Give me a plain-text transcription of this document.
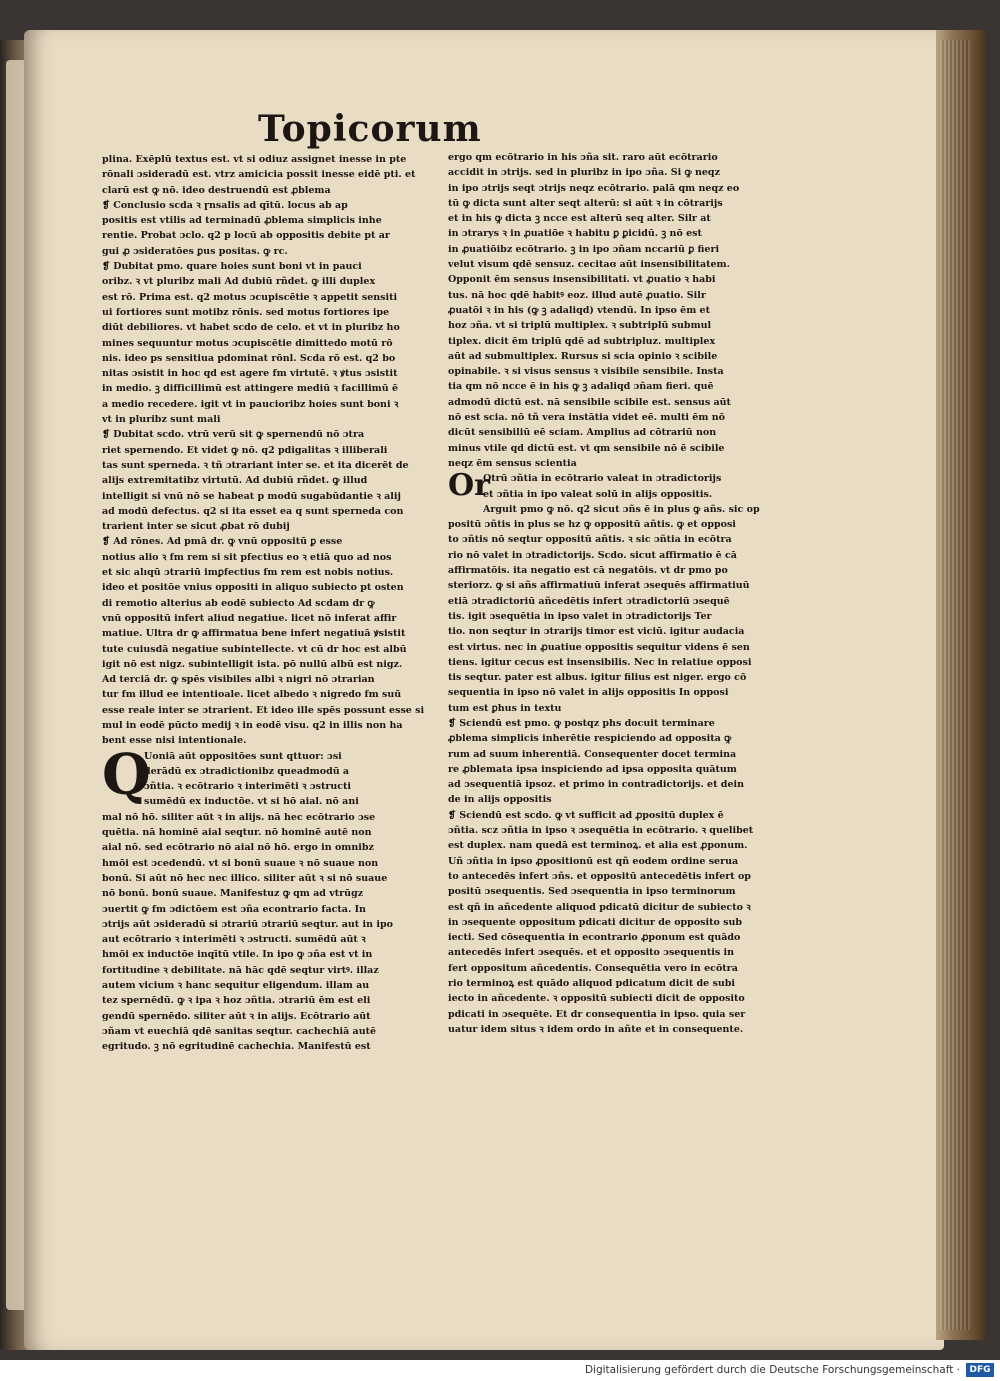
Topicorum
plina. Exēplū textus est. vt si odiuz assignet inesse in pte
rōnali ɔsideradū est. vtrz amicicia possit inesse eidē pti. et
clarū est ꝙ nō. ideo destruendū est ꝓblema
❡ Conclusio scda ꝛ ɼnsalis ad qītū. locus ab ap
positis est vtilis ad terminadū ꝓblema simplicis inhe
rentie. Probat ɔclo. q2 p locū ab oppositis debite pt ar
gui ꝓ ɔsideratōes ꝑus positas. ꝙ rc.
❡ Dubitat pmo. quare hoies sunt boni vt in pauci
oribz. ꝛ vt pluribz mali Ad dubiū rñdet. ꝙ illi duplex
est rō. Prima est. q2 motus ɔcupiscētie ꝛ appetit sensiti
ui fortiores sunt motibz rōnis. sed motus fortiores ipe
diūt debiliores. vt habet scdo de celo. et vt in pluribz ho
mines sequuntur motus ɔcupiscētie dimittedo motū rō
nis. ideo ps sensitiua pdominat rōnl. Scda rō est. q2 bo
nitas ɔsistit in hoc qd est agere fm virtutē. ꝛ ꝟtus ɔsistit
in medio. ꝫ difficillimū est attingere mediū ꝛ facillimū ē
a medio recedere. igit vt in paucioribz hoies sunt boni ꝛ
vt in pluribz sunt mali
❡ Dubitat scdo. vtrū verū sit ꝙ spernendū nō ɔtra
riet spernendo. Et videt ꝙ nō. q2 pdigalitas ꝛ illiberali
tas sunt sperneda. ꝛ tñ ɔtrariant inter se. et ita dicerēt de
alijs extremitatibz virtutū. Ad dubiū rñdet. ꝙ illud
intelligit si vnū nō se habeat p modū sugabūdantie ꝛ alij
ad modū defectus. q2 si ita esset ea q sunt sperneda con
trarient inter se sicut ꝓbat rō dubij
❡ Ad rōnes. Ad pmā dr. ꝙ vnū oppositū ꝑ esse
notius alio ꝛ fm rem si sit pfectius eo ꝛ etiā quo ad nos
et sic alıqū ɔtrariū imꝑfectius fm rem est nobis notius.
ideo et positōe vnius oppositi in aliquo subiecto pt osten
di remotio alterius ab eodē subiecto Ad scdam dr ꝙ
vnū oppositū infert aliud negatiue. licet nō inferat affir
matiue. Ultra dr ꝙ affirmatua bene infert negatiuā ꝟsistit
tute cuiusdā negatiue subintellecte. vt cū dr hoc est albū
igit nō est nigz. subintelligit ista. pō nullū albū est nigz.
Ad terciā dr. ꝙ spēs visibiles albi ꝛ nigri nō ɔtrarian
tur fm illud ee intentioale. licet albedo ꝛ nigredo fm suū
esse reale inter se ɔtrarient. Et ideo ille spēs possunt esse si
mul in eodē pūcto medij ꝛ in eodē visu. q2 in illis non ha
bent esse nisi intentionale.
Q
Uoniā aūt oppositōes sunt qttuor: ɔsi
derādū ex ɔtradictionibz queadmodū a
ɔñtia. ꝛ ecōtrario ꝛ interimēti ꝛ ɔstructi
sumēdū ex inductōe. vt si hō aial. nō ani
mal nō hō. siliter aūt ꝛ in alijs. nā hec ecōtrario ɔse
quētia. nā hominē aial seqtur. nō hominē autē non
aial nō. sed ecōtrario nō aial nō hō. ergo in omnibz
hmōi est ɔcedendū. vt si bonū suaue ꝛ nō suaue non
bonū. Si aūt nō hec nec illico. siliter aūt ꝛ si nō suaue
nō bonū. bonū suaue. Manifestuz ꝙ qm ad vtrūgz
ɔuertit ꝙ fm ɔdictōem est ɔña econtrario facta. In
ɔtrijs aūt ɔsideradū si ɔtrariū ɔtrariū seqtur. aut in ipo
aut ecōtrario ꝛ interimēti ꝛ ɔstructi. sumēdū aūt ꝛ
hmōi ex inductōe inqītū vtile. In ipo ꝙ ɔña est vt in
fortitudine ꝛ debilitate. nā hāc qdē seqtur virtꝰ. illaz
autem vicium ꝛ hanc sequitur eligendum. illam au
tez spernēdū. ꝙ ꝛ ipa ꝛ hoz ɔñtia. ɔtrariū ēm est eli
gendū spernēdo. siliter aūt ꝛ in alijs. Ecōtrario aūt
ɔñam vt euechiā qdē sanitas seqtur. cachechiā autē
egritudo. ꝫ nō egritudinē cachechia. Manifestū est
ergo qm ecōtrario in his ɔña sit. raro aūt ecōtrario
accidit in ɔtrijs. sed in pluribz in ipo ɔña. Si ꝙ neqz
in ipo ɔtrijs seqt ɔtrijs neqz ecōtrario. palā qm neqz eo
tū ꝙ dicta sunt alter seqt alterū: si aūt ꝛ in cōtrarijs
et in his ꝙ dicta ꝫ ncce est alterū seq alter. Silr at
in ɔtrarys ꝛ in ꝓuatiōe ꝛ habitu ꝑ ꝑicidū. ꝫ nō est
in ꝓuatiōibz ecōtrario. ꝫ in ipo ɔñam nccariū ꝑ fieri
velut visum qdē sensuz. cecitaɞ aūt insensibilitatem.
Opponit ēm sensus insensibilitati. vt ꝓuatio ꝛ habi
tus. nā hoc qdē habitꝰ eoz. illud autē ꝓuatio. Silr
ꝓuatōi ꝛ in his (ꝙ ꝫ adaliqd) vtendū. In ipso ēm et
hoz ɔña. vt si triplū multiplex. ꝛ subtriplū submul
tiplex. dicit ēm triplū qdē ad subtripluz. multiplex
aūt ad submultiplex. Rursus si scia opinio ꝛ scibile
opinabile. ꝛ si visus sensus ꝛ visibile sensibile. Insta
tia qm nō ncce ē in his ꝙ ꝫ adaliqd ɔñam fieri. quē
admodū dictū est. nā sensibile scibile est. sensus aūt
nō est scia. nō tñ vera instātia videt eē. multi ēm nō
dicūt sensibiliū eē sciam. Amplius ad cōtrariū non
minus vtile qd dictū est. vt qm sensibile nō ē scibile
neqz ēm sensus scientia
Or
Otrū ɔñtia in ecōtrario valeat in ɔtradictorijs
et ɔñtia in ipo valeat solū in alijs oppositis.
Arguit pmo ꝙ nō. q2 sicut ɔñs ē in plus ꝙ añs. sic op
positū ɔñtis in plus se hz ꝙ oppositū añtis. ꝙ et opposi
to ɔñtis nō seqtur oppositū añtis. ꝛ sic ɔñtia in ecōtra
rio nō valet in ɔtradictorijs. Scdo. sicut affirmatio ē cā
affirmatōis. ita negatio est cā negatōis. vt dr pmo po
steriorz. ꝙ si añs affirmatiuū inferat ɔsequēs affirmatiuū
etiā ɔtradictoriū añcedētis infert ɔtradictoriū ɔsequē
tis. igit ɔsequētia in ipso valet in ɔtradictorijs Ter
tio. non seqtur in ɔtrarijs timor est viciū. igitur audacia
est virtus. nec in ꝓuatiue oppositis sequitur videns ē sen
tiens. igitur cecus est insensibilis. Nec in relatiue opposi
tis seqtur. pater est albus. igitur filius est niger. ergo cō
sequentia in ipso nō valet in alijs oppositis In opposi
tum est ꝑhus in textu
❡ Sciendū est pmo. ꝙ postqz phs docuit terminare
ꝓblema simplicis inherētie respiciendo ad opposita ꝙ
rum ad suum inherentiā. Consequenter docet termina
re ꝓblemata ipsa inspiciendo ad ipsa opposita quātum
ad ɔsequentiā ipsoz. et primo in contradictorijs. et dein
de in alijs oppositis
❡ Sciendū est scdo. ꝙ vt sufficit ad ꝓpositū duplex ē
ɔñtia. scz ɔñtia in ipso ꝛ ɔsequētia in ecōtrario. ꝛ quelibet
est duplex. nam quedā est terminoꝝ. et alia est ꝓponum.
Uñ ɔñtia in ipso ꝓpositionū est qñ eodem ordine serua
to antecedēs infert ɔñs. et oppositū antecedētis infert op
positū ɔsequentis. Sed ɔsequentia in ipso terminorum
est qñ in añcedente aliquod pdicatū dicitur de subiecto ꝛ
in ɔsequente oppositum pdicati dicitur de opposito sub
iecti. Sed cōsequentia in econtrario ꝓponum est quādo
antecedēs infert ɔsequēs. et et opposito ɔsequentis in
fert oppositum añcedentis. Consequētia vero in ecōtra
rio terminoꝝ est quādo aliquod pdicatum dicit de subi
iecto in añcedente. ꝛ oppositū subiecti dicit de opposito
pdicati in ɔsequēte. Et dr consequentia in ipso. quia ser
uatur idem situs ꝛ idem ordo in añte et in consequente.
Digitalisierung gefördert durch die Deutsche Forschungsgemeinschaft ·	DFG
